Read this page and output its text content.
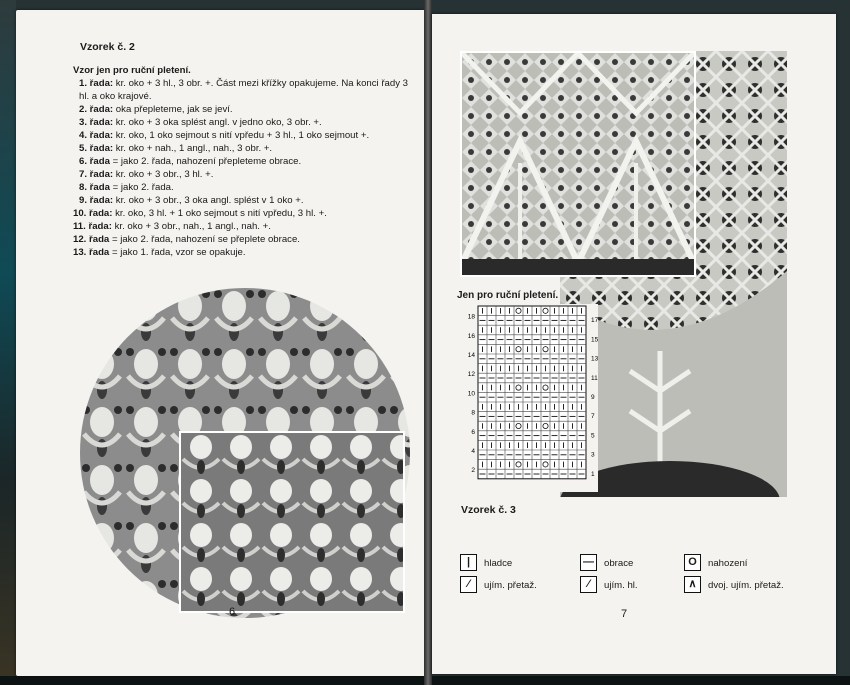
Vzorek č. 2
Vzor jen pro ruční pletení.
1. řada: kr. oko + 3 hl., 3 obr. +. Část mezi křížky opakujeme. Na konci řady 3 hl. a oko krajové.
2. řada: oka přepleteme, jak se jeví.
3. řada: kr. oko + 3 oka splést angl. v jedno oko, 3 obr. +.
4. řada: kr. oko, 1 oko sejmout s nití vpředu + 3 hl., 1 oko sejmout +.
5. řada: kr. oko + nah., 1 angl., nah., 3 obr. +.
6. řada = jako 2. řada, nahození přepleteme obrace.
7. řada: kr. oko + 3 obr., 3 hl. +.
8. řada = jako 2. řada.
9. řada: kr. oko + 3 obr., 3 oka angl. splést v 1 oko +.
10. řada: kr. oko, 3 hl. + 1 oko sejmout s nití vpředu, 3 hl. +.
11. řada: kr. oko + 3 obr., nah., 1 angl., nah. +.
12. řada = jako 2. řada, nahození se přeplete obrace.
13. řada = jako 1. řada, vzor se opakuje.
6
Jen pro ruční pletení.
18
16
14
12
10
8
6
4
2
1
3
5
7
9
11
13
15
17
Vzorek č. 3
|	hladce	—	obrace	O	nahození
⁄	ujím. přetaž.	⁄	ujím. hl.	∧	dvoj. ujím. přetaž.
7
